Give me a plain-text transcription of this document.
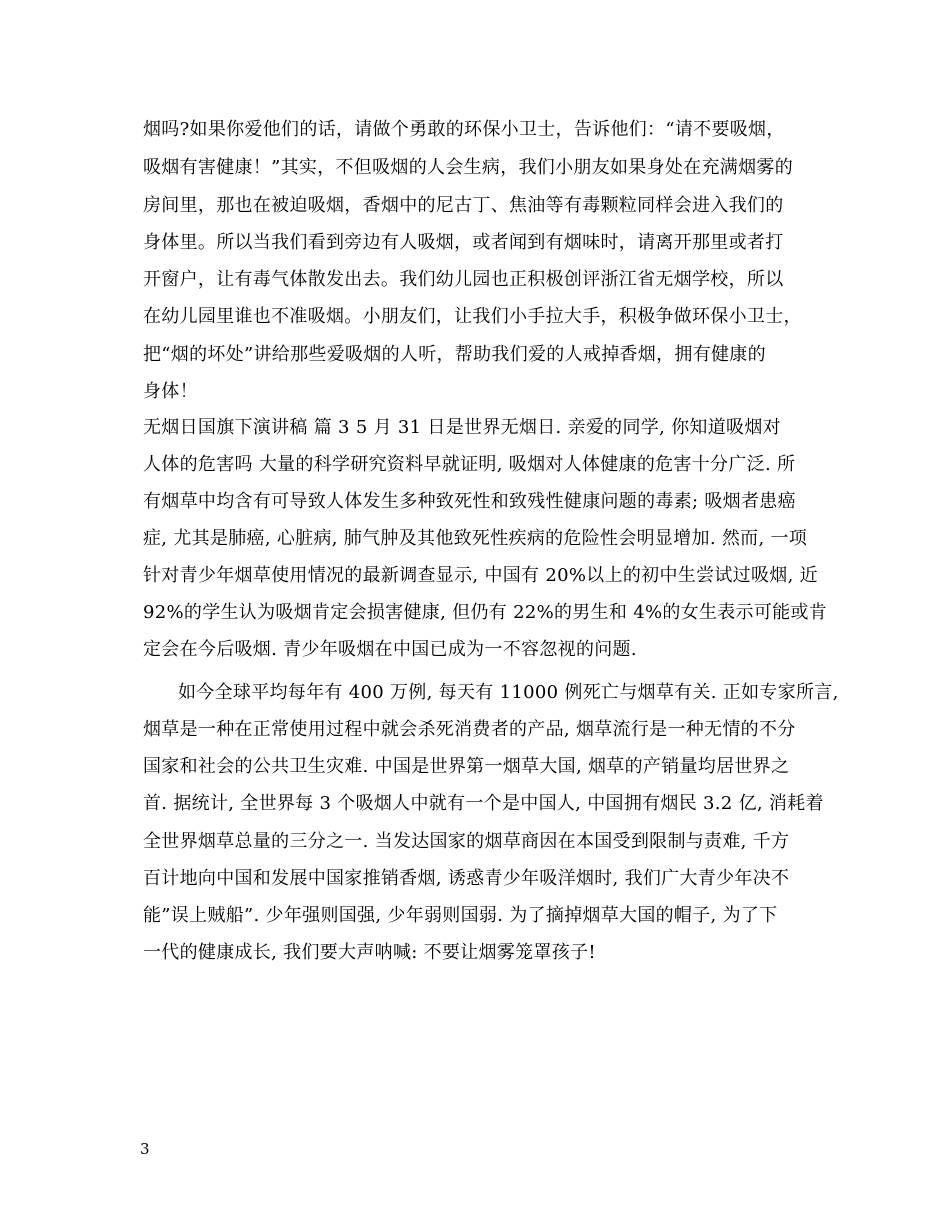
烟吗?如果你爱他们的话，请做个勇敢的环保小卫士，告诉他们：“请不要吸烟，
吸烟有害健康！”其实，不但吸烟的人会生病，我们小朋友如果身处在充满烟雾的
房间里，那也在被迫吸烟，香烟中的尼古丁、焦油等有毒颗粒同样会进入我们的
身体里。所以当我们看到旁边有人吸烟，或者闻到有烟味时，请离开那里或者打
开窗户，让有毒气体散发出去。我们幼儿园也正积极创评浙江省无烟学校，所以
在幼儿园里谁也不准吸烟。小朋友们，让我们小手拉大手，积极争做环保小卫士，
把“烟的坏处”讲给那些爱吸烟的人听，帮助我们爱的人戒掉香烟，拥有健康的
身体！
无烟日国旗下演讲稿 篇 3 5 月 31 日是世界无烟日. 亲爱的同学, 你知道吸烟对
人体的危害吗 大量的科学研究资料早就证明, 吸烟对人体健康的危害十分广泛. 所
有烟草中均含有可导致人体发生多种致死性和致残性健康问题的毒素; 吸烟者患癌
症, 尤其是肺癌, 心脏病, 肺气肿及其他致死性疾病的危险性会明显增加. 然而, 一项
针对青少年烟草使用情况的最新调查显示, 中国有 20%以上的初中生尝试过吸烟, 近
92%的学生认为吸烟肯定会损害健康, 但仍有 22%的男生和 4%的女生表示可能或肯
定会在今后吸烟. 青少年吸烟在中国已成为一不容忽视的问题.
如今全球平均每年有 400 万例, 每天有 11000 例死亡与烟草有关. 正如专家所言,
烟草是一种在正常使用过程中就会杀死消费者的产品, 烟草流行是一种无情的不分
国家和社会的公共卫生灾难. 中国是世界第一烟草大国, 烟草的产销量均居世界之
首. 据统计, 全世界每 3 个吸烟人中就有一个是中国人, 中国拥有烟民 3.2 亿, 消耗着
全世界烟草总量的三分之一. 当发达国家的烟草商因在本国受到限制与责难, 千方
百计地向中国和发展中国家推销香烟, 诱惑青少年吸洋烟时, 我们广大青少年决不
能”误上贼船”. 少年强则国强, 少年弱则国弱. 为了摘掉烟草大国的帽子, 为了下
一代的健康成长, 我们要大声呐喊: 不要让烟雾笼罩孩子!
3
